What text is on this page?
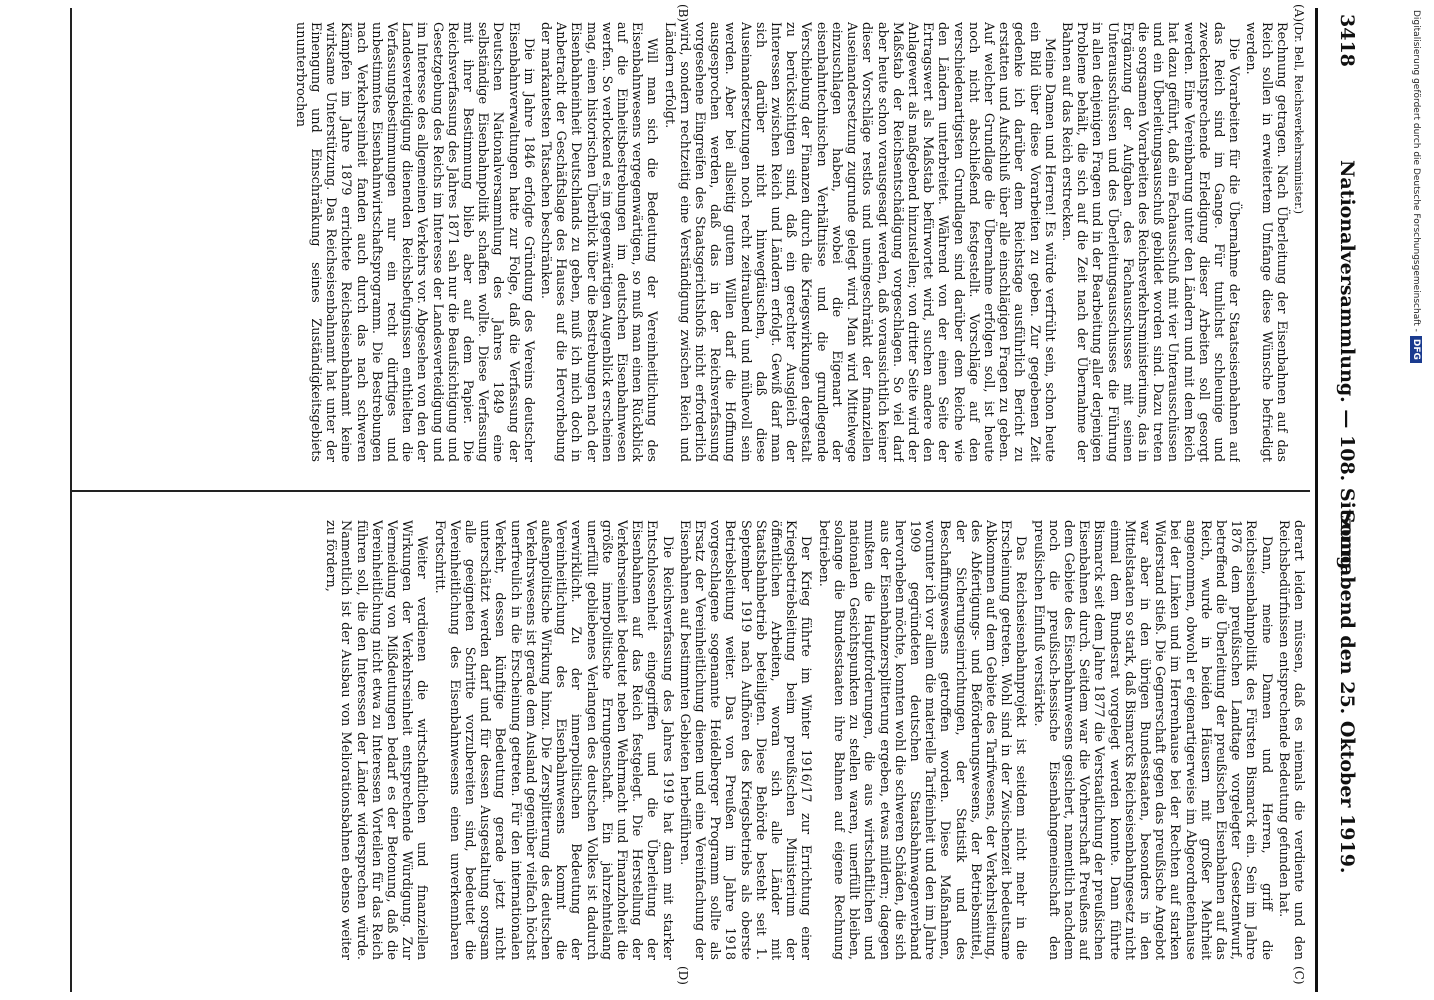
3418
Nationalversammlung. — 108. Sitzung.
Sonnabend den 25. Oktober 1919.
(A)
(B)
(C)
(D)

(Dr. Bell, Reichsverkehrsminister.)

Rechnung getragen. Nach Überleitung der Eisenbahnen auf das Reich sollen in erweitertem Umfange diese Wünsche befriedigt werden.

Die Vorarbeiten für die Übernahme der Staatseisenbahnen auf das Reich sind im Gange. Für tunlichst schleunige und zweckentsprechende Erledigung dieser Arbeiten soll gesorgt werden. Eine Vereinbarung unter den Ländern und mit dem Reich hat dazu geführt, daß ein Fachausschuß mit vier Unterausschüssen und ein Überleitungsausschuß gebildet worden sind. Dazu treten die sorgsamen Vorarbeiten des Reichsverkehrsministeriums, das in Ergänzung der Aufgaben des Fachausschusses mit seinen Unterausschüssen und des Überleitungsausschusses die Führung in allen denjenigen Fragen und in der Bearbeitung aller derjenigen Probleme behält, die sich auf die Zeit nach der Übernahme der Bahnen auf das Reich erstrecken.

Meine Damen und Herren! Es würde verfrüht sein, schon heute ein Bild über diese Vorarbeiten zu geben. Zur gegebenen Zeit gedenke ich darüber dem Reichstage ausführlich Bericht zu erstatten und Aufschluß über alle einschlägigen Fragen zu geben. Auf welcher Grundlage die Übernahme erfolgen soll, ist heute noch nicht abschließend festgestellt. Vorschläge auf den verschiedenartigsten Grundlagen sind darüber dem Reiche wie den Ländern unterbreitet. Während von der einen Seite der Ertragswert als Maßstab befürwortet wird, suchen andere den Anlagewert als maßgebend hinzustellen; von dritter Seite wird der Maßstab der Reichsentschädigung vorgeschlagen. So viel darf aber heute schon vorausgesagt werden, daß voraussichtlich keiner dieser Vorschläge restlos und uneingeschränkt der finanziellen Auseinandersetzung zugrunde gelegt wird. Man wird Mittelwege einzuschlagen haben, wobei die Eigenart der eisenbahntechnischen Verhältnisse und die grundlegende Verschiebung der Finanzen durch die Kriegswirkungen dergestalt zu berücksichtigen sind, daß ein gerechter Ausgleich der Interessen zwischen Reich und Ländern erfolgt. Gewiß darf man sich darüber nicht hinwegtäuschen, daß diese Auseinandersetzungen noch recht zeitraubend und mühevoll sein werden. Aber bei allseitig gutem Willen darf die Hoffnung ausgesprochen werden, daß das in der Reichsverfassung vorgesehene Eingreifen des Staatsgerichtshofs nicht erforderlich wird, sondern rechtzeitig eine Verständigung zwischen Reich und Ländern erfolgt.

Will man sich die Bedeutung der Vereinheitlichung des Eisenbahnwesens vergegenwärtigen, so muß man einen Rückblick auf die Einheitsbestrebungen im deutschen Eisenbahnwesen werfen. So verlockend es im gegenwärtigen Augenblick erscheinen mag, einen historischen Überblick über die Bestrebungen nach der Eisenbahneinheit Deutschlands zu geben, muß ich mich doch in Anbetracht der Geschäftslage des Hauses auf die Hervorhebung der markantesten Tatsachen beschränken.

Die im Jahre 1846 erfolgte Gründung des Vereins deutscher Eisenbahnverwaltungen hatte zur Folge, daß die Verfassung der Deutschen Nationalversammlung des Jahres 1849 eine selbständige Eisenbahnpolitik schaffen wollte. Diese Verfassung mit ihrer Bestimmung blieb aber auf dem Papier. Die Reichsverfassung des Jahres 1871 sah nur die Beaufsichtigung und Gesetzgebung des Reichs im Interesse der Landesverteidigung und im Interesse des allgemeinen Verkehrs vor. Abgesehen von den der Landesverteidigung dienenden Reichsbefugnissen enthielten die Verfassungsbestimmungen nur ein recht dürftiges und unbestimmtes Eisenbahnwirtschaftsprogramm. Die Bestrebungen nach Verkehrseinheit fanden auch durch das nach schweren Kämpfen im Jahre 1879 errichtete Reichseisenbahnamt keine wirksame Unterstützung. Das Reichseisenbahnamt hat unter der Einengung und Einschränkung seines Zuständigkeitsgebiets ununterbrochen

derart leiden müssen, daß es niemals die verdiente und den Reichsbedürfnissen entsprechende Bedeutung gefunden hat.

Dann, meine Damen und Herren, griff die Reichseisenbahnpolitik des Fürsten Bismarck ein. Sein im Jahre 1876 dem preußischen Landtage vorgelegter Gesetzentwurf, betreffend die Überleitung der preußischen Eisenbahnen auf das Reich, wurde in beiden Häusern mit großer Mehrheit angenommen, obwohl er eigenartigerweise im Abgeordnetenhause bei der Linken und im Herrenhause bei der Rechten auf starken Widerstand stieß. Die Gegnerschaft gegen das preußische Angebot war aber in den übrigen Bundesstaaten, besonders in den Mittelstaaten so stark, daß Bismarcks Reichseisenbahngesetz nicht einmal dem Bundesrat vorgelegt werden konnte. Dann führte Bismarck seit dem Jahre 1877 die Verstaatlichung der preußischen Eisenbahnen durch. Seitdem war die Vorherrschaft Preußens auf dem Gebiete des Eisenbahnwesens gesichert, namentlich nachdem noch die preußisch-hessische Eisenbahngemeinschaft den preußischen Einfluß verstärkte.

Das Reichseisenbahnprojekt ist seitdem nicht mehr in die Erscheinung getreten. Wohl sind in der Zwischenzeit bedeutsame Abkommen auf dem Gebiete des Tarifwesens, der Verkehrsleitung, des Abfertigungs- und Beförderungswesens, der Betriebsmittel, der Sicherungseinrichtungen, der Statistik und des Beschaffungswesens getroffen worden. Diese Maßnahmen, worunter ich vor allem die materielle Tarifeinheit und den im Jahre 1909 gegründeten deutschen Staatsbahnwagenverband hervorheben möchte, konnten wohl die schweren Schäden, die sich aus der Eisenbahnzersplitterung ergeben, etwas mildern; dagegen mußten die Hauptforderungen, die aus wirtschaftlichen und nationalen Gesichtspunkten zu stellen waren, unerfüllt bleiben, solange die Bundesstaaten ihre Bahnen auf eigene Rechnung betrieben.

Der Krieg führte im Winter 1916/17 zur Errichtung einer Kriegsbetriebsleitung beim preußischen Ministerium der öffentlichen Arbeiten, woran sich alle Länder mit Staatsbahnbetrieb beteiligten. Diese Behörde besteht seit 1. September 1919 nach Aufhören des Kriegsbetriebs als oberste Betriebsleitung weiter. Das von Preußen im Jahre 1918 vorgeschlagene sogenannte Heidelberger Programm sollte als Ersatz der Vereinheitlichung dienen und eine Vereinfachung der Eisenbahnen auf bestimmten Gebieten herbeiführen.

Die Reichsverfassung des Jahres 1919 hat dann mit starker Entschlossenheit eingegriffen und die Überleitung der Eisenbahnen auf das Reich festgelegt. Die Herstellung der Verkehrseinheit bedeutet neben Wehrmacht und Finanzhoheit die größte innerpolitische Errungenschaft. Ein jahrzehntelang unerfüllt gebliebenes Verlangen des deutschen Volkes ist dadurch verwirklicht. Zu der innerpolitischen Bedeutung der Vereinheitlichung des Eisenbahnwesens kommt die außenpolitische Wirkung hinzu. Die Zersplitterung des deutschen Verkehrswesens ist gerade dem Ausland gegenüber vielfach höchst unerfreulich in die Erscheinung getreten. Für den internationalen Verkehr, dessen künftige Bedeutung gerade jetzt nicht unterschätzt werden darf und für dessen Ausgestaltung sorgsam alle geeigneten Schritte vorzubereiten sind, bedeutet die Vereinheitlichung des Eisenbahnwesens einen unverkennbaren Fortschritt.

Weiter verdienen die wirtschaftlichen und finanziellen Wirkungen der Verkehrseinheit entsprechende Würdigung. Zur Vermeidung von Mißdeutungen bedarf es der Betonung, daß die Vereinheitlichung nicht etwa zu Interessen Vorteilen für das Reich führen soll, die den Interessen der Länder widersprechen würde. Namentlich ist der Ausbau von Meliorationsbahnen ebenso weiter zu fördern,

Digitalisierung gefördert durch die Deutsche Forschungsgemeinschaft -DFG
